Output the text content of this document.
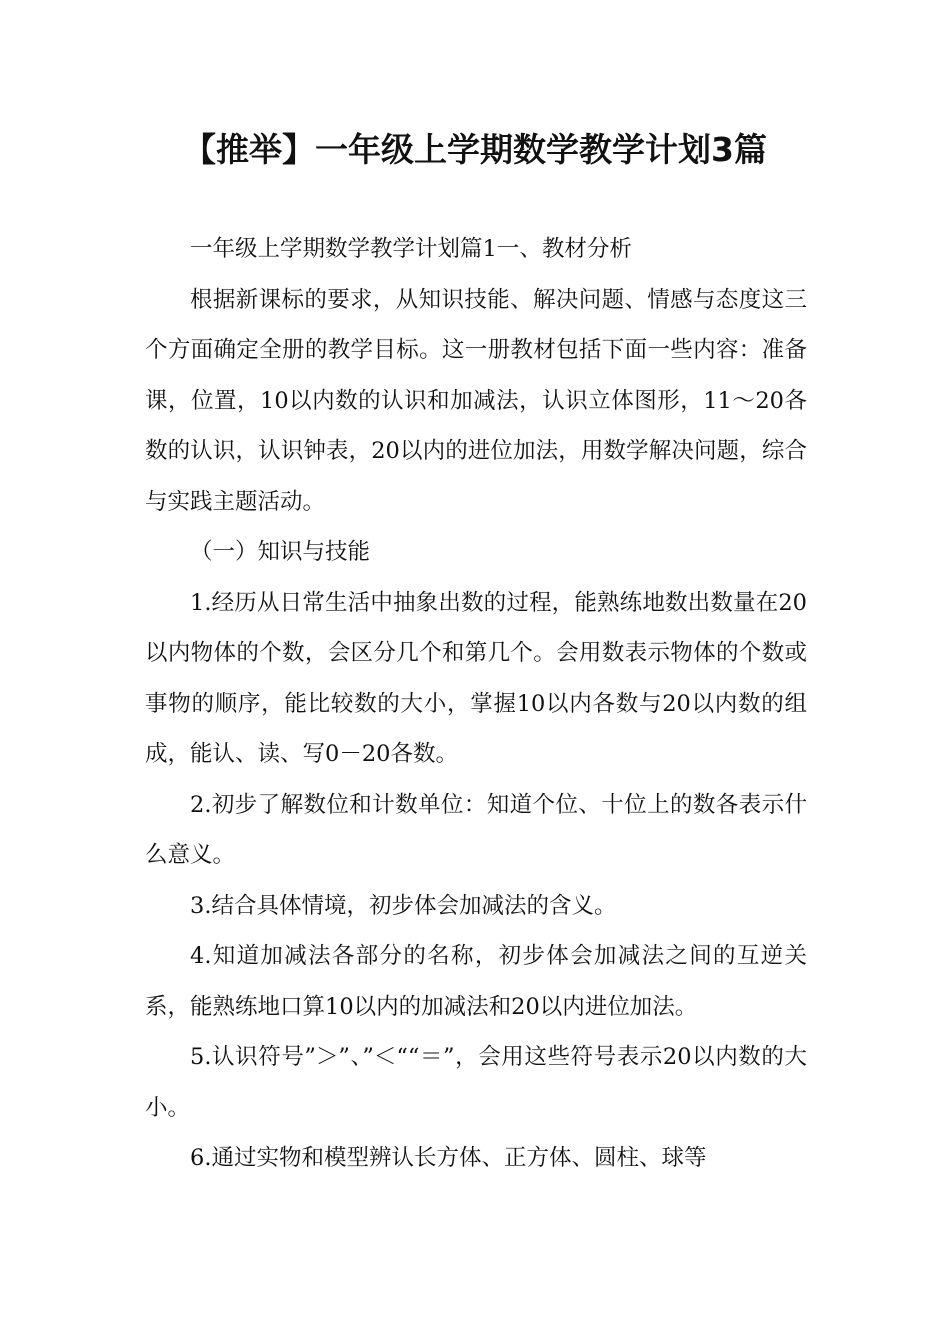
【推举】一年级上学期数学教学计划3篇

一年级上学期数学教学计划篇1一、教材分析

根据新课标的要求，从知识技能、解决问题、情感与态度这三个方面确定全册的教学目标。这一册教材包括下面一些内容：准备课，位置，10以内数的认识和加减法，认识立体图形，11～20各数的认识，认识钟表，20以内的进位加法，用数学解决问题，综合与实践主题活动。

（一）知识与技能

1.经历从日常生活中抽象出数的过程，能熟练地数出数量在20以内物体的个数，会区分几个和第几个。会用数表示物体的个数或事物的顺序，能比较数的大小，掌握10以内各数与20以内数的组成，能认、读、写0－20各数。

2.初步了解数位和计数单位：知道个位、十位上的数各表示什么意义。

3.结合具体情境，初步体会加减法的含义。

4.知道加减法各部分的名称，初步体会加减法之间的互逆关系，能熟练地口算10以内的加减法和20以内进位加法。

5.认识符号”＞”、”＜““＝”，会用这些符号表示20以内数的大小。

6.通过实物和模型辨认长方体、正方体、圆柱、球等
